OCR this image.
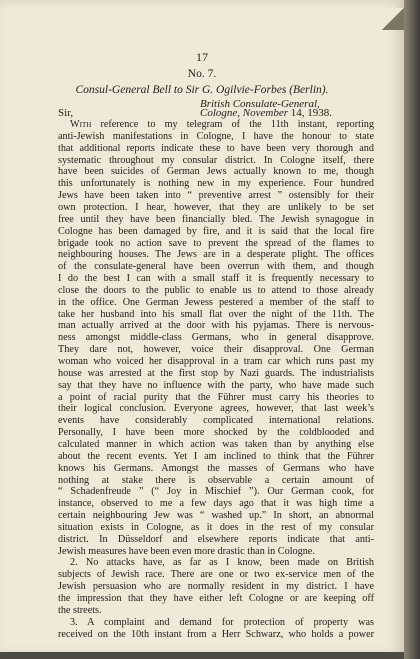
17
No. 7.
Consul-General Bell to Sir G. Ogilvie-Forbes (Berlin).
British Consulate-General,
Sir,	Cologne, November 14, 1938.
With reference to my telegram of the 11th instant, reporting
anti-Jewish manifestations in Cologne, I have the honour to state
that additional reports indicate these to have been very thorough and
systematic throughout my consular district. In Cologne itself, there
have been suicides of German Jews actually known to me, though
this unfortunately is nothing new in my experience. Four hundred
Jews have been taken into “ preventive arrest ” ostensibly for their
own protection. I hear, however, that they are unlikely to be set
free until they have been financially bled. The Jewish synagogue in
Cologne has been damaged by fire, and it is said that the local fire
brigade took no action save to prevent the spread of the flames to
neighbouring houses. The Jews are in a desperate plight. The offices
of the consulate-general have been overrun with them, and though
I do the best I can with a small staff it is frequently necessary to
close the doors to the public to enable us to attend to those already
in the office. One German Jewess pestered a member of the staff to
take her husband into his small flat over the night of the 11th. The
man actually arrived at the door with his pyjamas. There is nervous-
ness amongst middle-class Germans, who in general disapprove.
They dare not, however, voice their disapproval. One German
woman who voiced her disapproval in a tram car which runs past my
house was arrested at the first stop by Nazi guards. The industrialists
say that they have no influence with the party, who have made such
a point of racial purity that the Führer must carry his theories to
their logical conclusion. Everyone agrees, however, that last week’s
events have considerably complicated international relations.
Personally, I have been more shocked by the coldblooded and
calculated manner in which action was taken than by anything else
about the recent events. Yet I am inclined to think that the Führer
knows his Germans. Amongst the masses of Germans who have
nothing at stake there is observable a certain amount of
“ Schadenfreude ” (“ Joy in Mischief ”). Our German cook, for
instance, observed to me a few days ago that it was high time a
certain neighbouring Jew was “ washed up.” In short, an abnormal
situation exists in Cologne, as it does in the rest of my consular
district. In Düsseldorf and elsewhere reports indicate that anti-
Jewish measures have been even more drastic than in Cologne.
2. No attacks have, as far as I know, been made on British
subjects of Jewish race. There are one or two ex-service men of the
Jewish persuasion who are normally resident in my district. I have
the impression that they have either left Cologne or are keeping off
the streets.
3. A complaint and demand for protection of property was
received on the 10th instant from a Herr Schwarz, who holds a power
